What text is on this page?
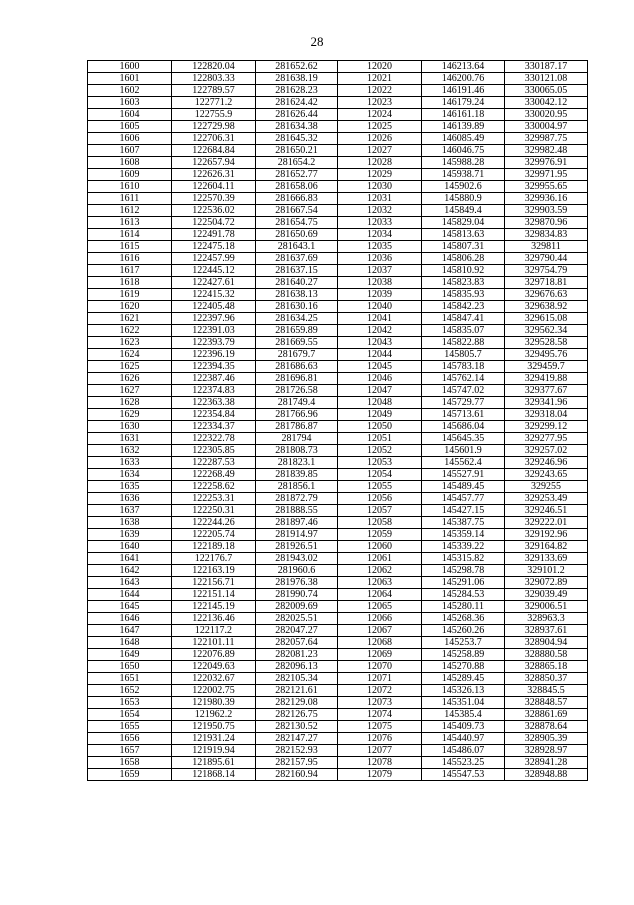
28
1600	122820.04	281652.62	12020	146213.64	330187.17
1601	122803.33	281638.19	12021	146200.76	330121.08
1602	122789.57	281628.23	12022	146191.46	330065.05
1603	122771.2	281624.42	12023	146179.24	330042.12
1604	122755.9	281626.44	12024	146161.18	330020.95
1605	122729.98	281634.38	12025	146139.89	330004.97
1606	122706.31	281645.32	12026	146085.49	329987.75
1607	122684.84	281650.21	12027	146046.75	329982.48
1608	122657.94	281654.2	12028	145988.28	329976.91
1609	122626.31	281652.77	12029	145938.71	329971.95
1610	122604.11	281658.06	12030	145902.6	329955.65
1611	122570.39	281666.83	12031	145880.9	329936.16
1612	122536.02	281667.54	12032	145849.4	329903.59
1613	122504.72	281654.75	12033	145829.04	329870.96
1614	122491.78	281650.69	12034	145813.63	329834.83
1615	122475.18	281643.1	12035	145807.31	329811
1616	122457.99	281637.69	12036	145806.28	329790.44
1617	122445.12	281637.15	12037	145810.92	329754.79
1618	122427.61	281640.27	12038	145823.83	329718.81
1619	122415.32	281638.13	12039	145835.93	329676.63
1620	122405.48	281630.16	12040	145842.23	329638.92
1621	122397.96	281634.25	12041	145847.41	329615.08
1622	122391.03	281659.89	12042	145835.07	329562.34
1623	122393.79	281669.55	12043	145822.88	329528.58
1624	122396.19	281679.7	12044	145805.7	329495.76
1625	122394.35	281686.63	12045	145783.18	329459.7
1626	122387.46	281696.81	12046	145762.14	329419.88
1627	122374.83	281726.58	12047	145747.02	329377.67
1628	122363.38	281749.4	12048	145729.77	329341.96
1629	122354.84	281766.96	12049	145713.61	329318.04
1630	122334.37	281786.87	12050	145686.04	329299.12
1631	122322.78	281794	12051	145645.35	329277.95
1632	122305.85	281808.73	12052	145601.9	329257.02
1633	122287.53	281823.1	12053	145562.4	329246.96
1634	122268.49	281839.85	12054	145527.91	329243.65
1635	122258.62	281856.1	12055	145489.45	329255
1636	122253.31	281872.79	12056	145457.77	329253.49
1637	122250.31	281888.55	12057	145427.15	329246.51
1638	122244.26	281897.46	12058	145387.75	329222.01
1639	122205.74	281914.97	12059	145359.14	329192.96
1640	122189.18	281926.51	12060	145339.22	329164.82
1641	122176.7	281943.02	12061	145315.82	329133.69
1642	122163.19	281960.6	12062	145298.78	329101.2
1643	122156.71	281976.38	12063	145291.06	329072.89
1644	122151.14	281990.74	12064	145284.53	329039.49
1645	122145.19	282009.69	12065	145280.11	329006.51
1646	122136.46	282025.51	12066	145268.36	328963.3
1647	122117.2	282047.27	12067	145260.26	328937.61
1648	122101.11	282057.64	12068	145253.7	328904.94
1649	122076.89	282081.23	12069	145258.89	328880.58
1650	122049.63	282096.13	12070	145270.88	328865.18
1651	122032.67	282105.34	12071	145289.45	328850.37
1652	122002.75	282121.61	12072	145326.13	328845.5
1653	121980.39	282129.08	12073	145351.04	328848.57
1654	121962.2	282126.75	12074	145385.4	328861.69
1655	121950.75	282130.52	12075	145409.73	328878.64
1656	121931.24	282147.27	12076	145440.97	328905.39
1657	121919.94	282152.93	12077	145486.07	328928.97
1658	121895.61	282157.95	12078	145523.25	328941.28
1659	121868.14	282160.94	12079	145547.53	328948.88
